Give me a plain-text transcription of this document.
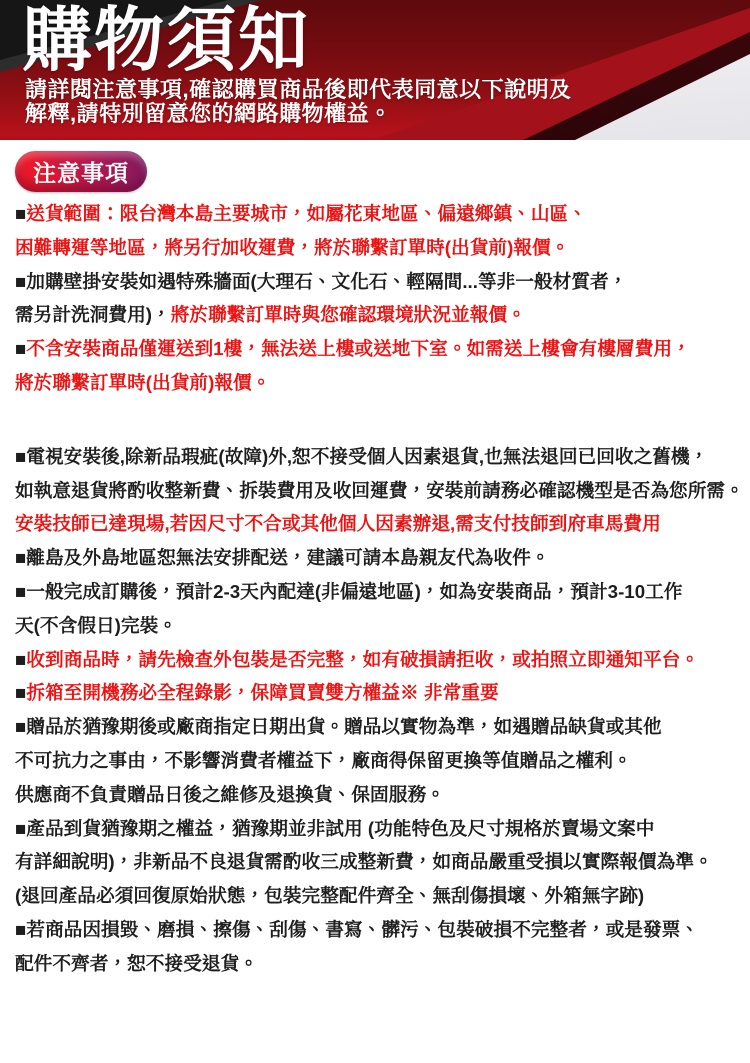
購物須知
請詳閱注意事項,確認購買商品後即代表同意以下說明及
解釋,請特別留意您的網路購物權益。
注意事項
■送貨範圍：限台灣本島主要城市，如屬花東地區、偏遠鄉鎮、山區、
困難轉運等地區，將另行加收運費，將於聯繫訂單時(出貨前)報價。
■加購壁掛安裝如遇特殊牆面(大理石、文化石、輕隔間...等非一般材質者，
需另計洗洞費用)，將於聯繫訂單時與您確認環境狀況並報價。
■不含安裝商品僅運送到1樓，無法送上樓或送地下室。如需送上樓會有樓層費用，
將於聯繫訂單時(出貨前)報價。
■電視安裝後,除新品瑕疵(故障)外,恕不接受個人因素退貨,也無法退回已回收之舊機，
如執意退貨將酌收整新費、拆裝費用及收回運費，安裝前請務必確認機型是否為您所需。
安裝技師已達現場,若因尺寸不合或其他個人因素辦退,需支付技師到府車馬費用
■離島及外島地區恕無法安排配送，建議可請本島親友代為收件。
■一般完成訂購後，預計2-3天內配達(非偏遠地區)，如為安裝商品，預計3-10工作
天(不含假日)完裝。
■收到商品時，請先檢查外包裝是否完整，如有破損請拒收，或拍照立即通知平台。
■拆箱至開機務必全程錄影，保障買賣雙方權益※ 非常重要
■贈品於猶豫期後或廠商指定日期出貨。贈品以實物為準，如遇贈品缺貨或其他
不可抗力之事由，不影響消費者權益下，廠商得保留更換等值贈品之權利。
供應商不負責贈品日後之維修及退換貨、保固服務。
■產品到貨猶豫期之權益，猶豫期並非試用 (功能特色及尺寸規格於賣場文案中
有詳細說明)，非新品不良退貨需酌收三成整新費，如商品嚴重受損以實際報價為準。
(退回產品必須回復原始狀態，包裝完整配件齊全、無刮傷損壞、外箱無字跡)
■若商品因損毀、磨損、擦傷、刮傷、書寫、髒污、包裝破損不完整者，或是發票、
配件不齊者，恕不接受退貨。
